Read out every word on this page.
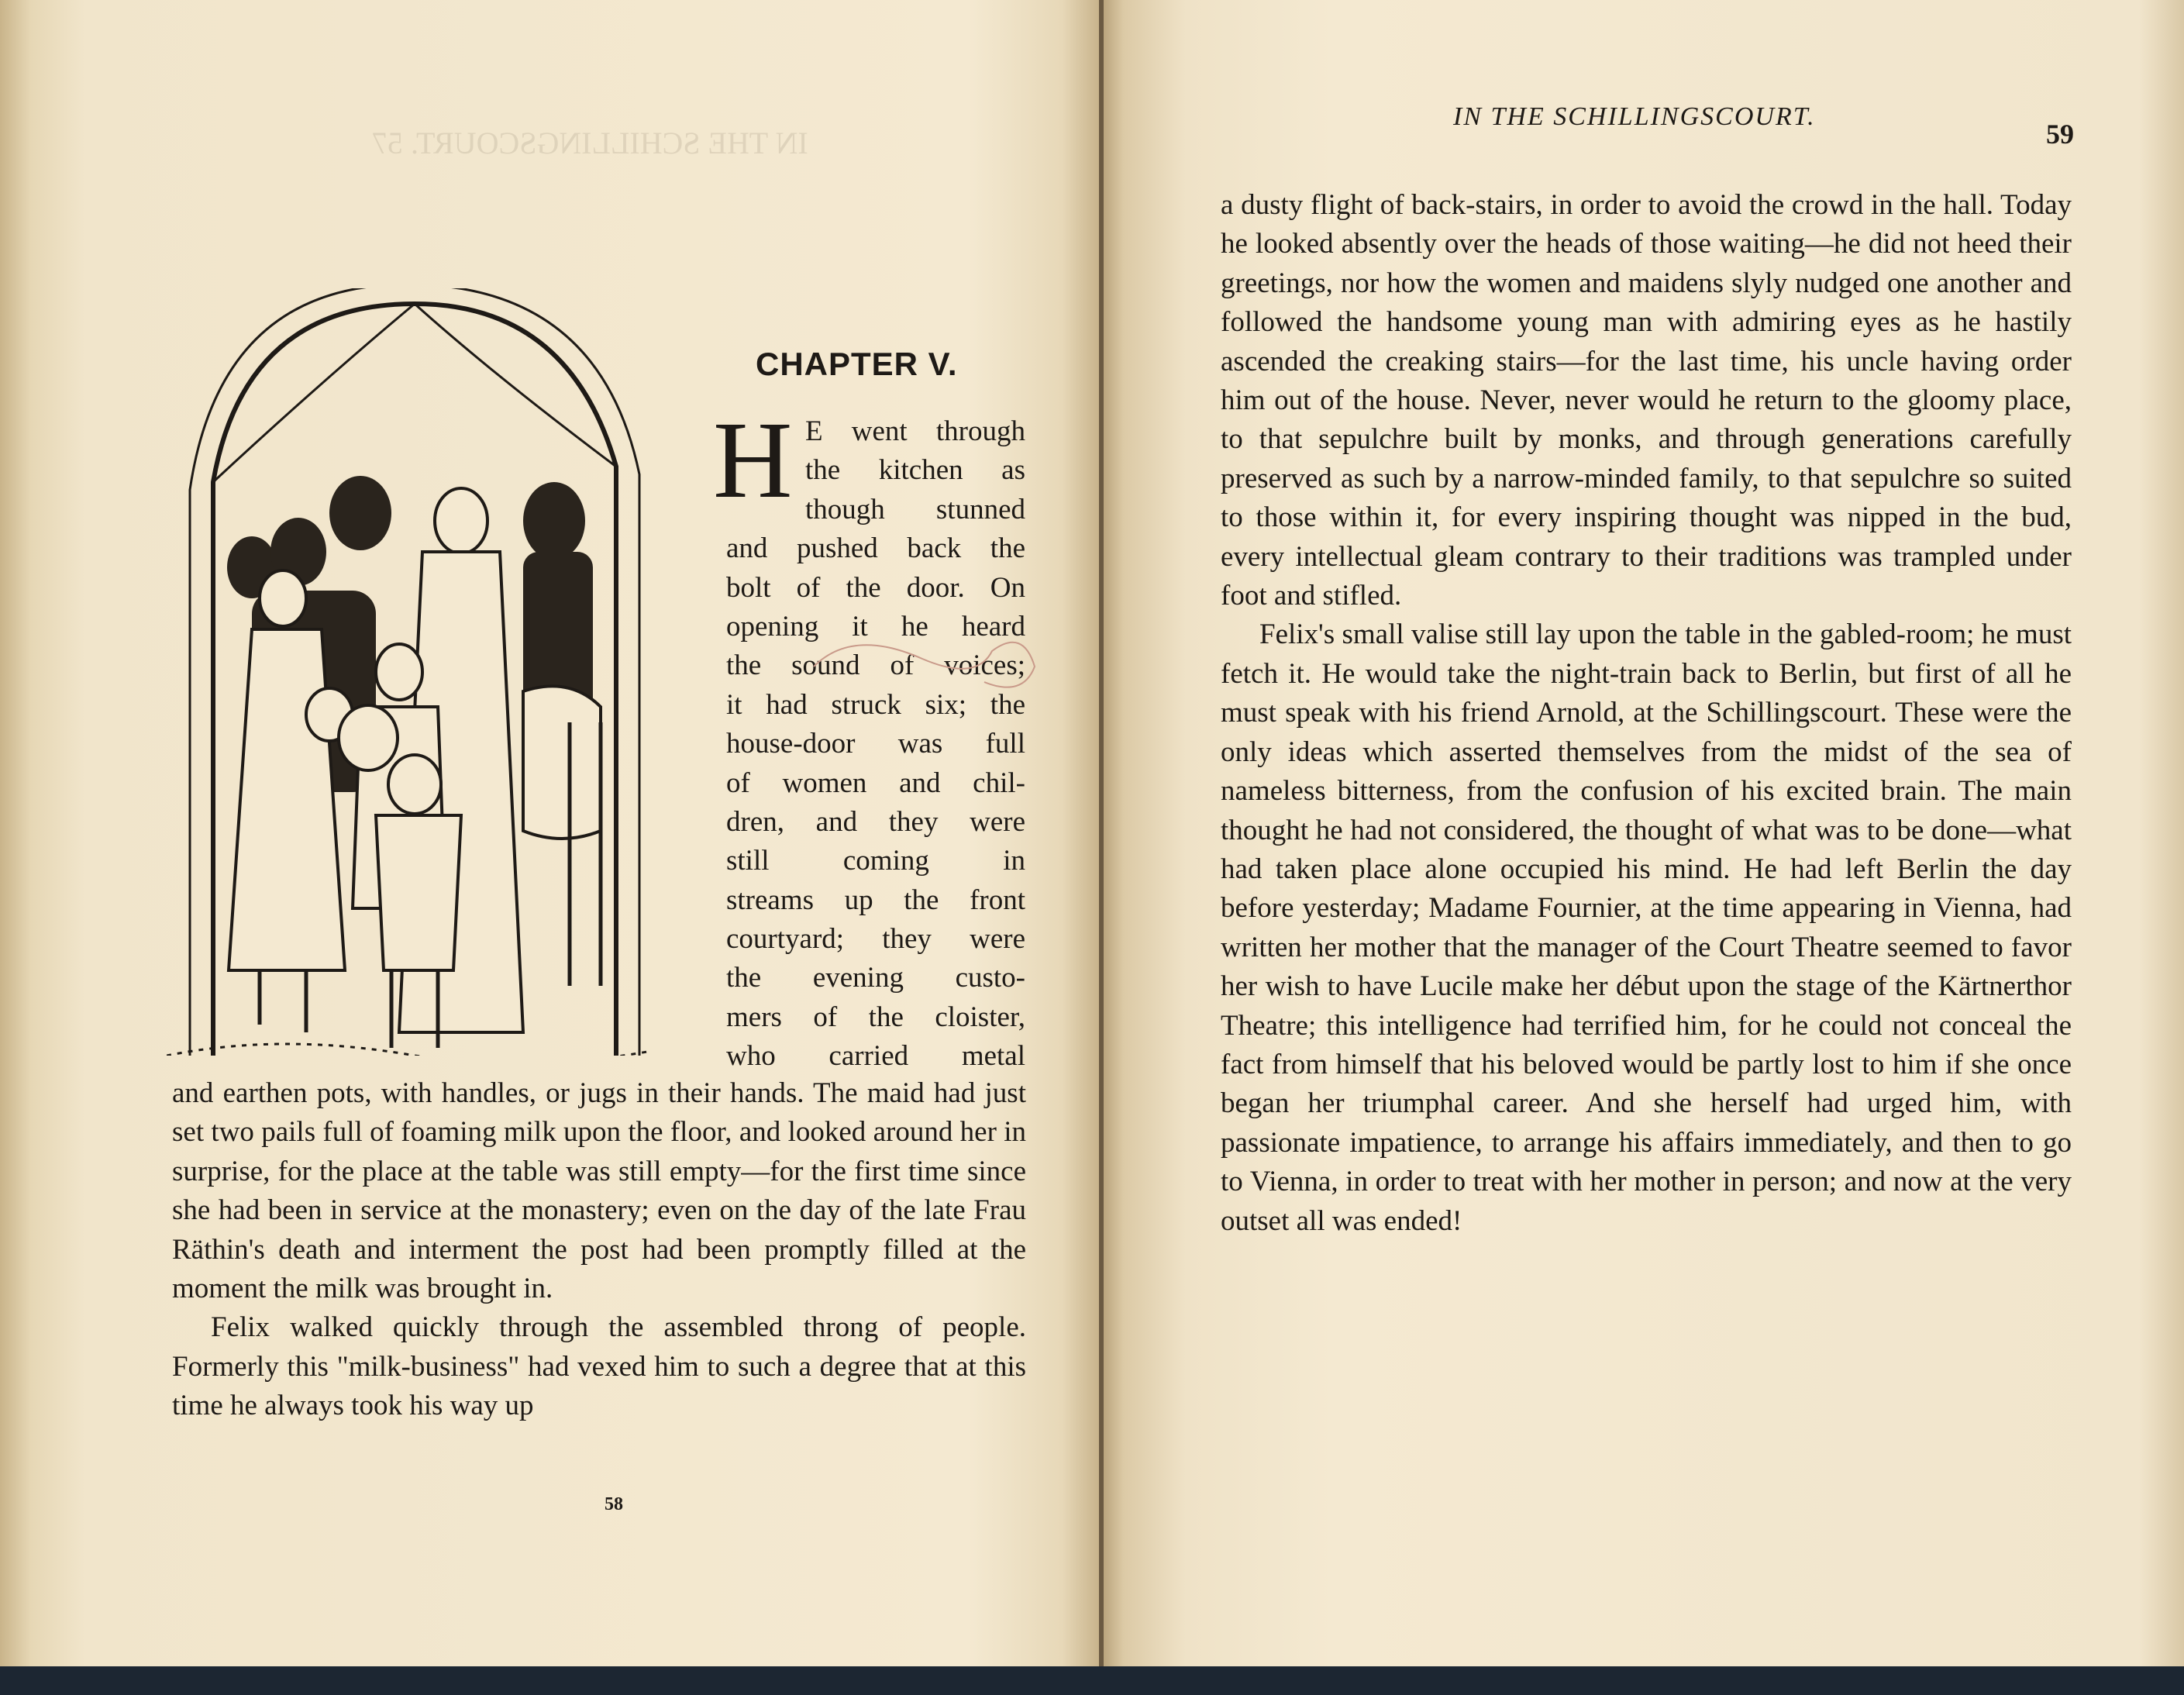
IN THE SCHILLINGSCOURT. 57
CHAPTER V.
H E went through
the kitchen as
though stunned
and pushed back the
bolt of the door. On
opening it he heard
the sound of voices;
it had struck six; the
house-door was full
of women and chil-
dren, and they were
still coming in
streams up the front
courtyard; they were
the evening custo-
mers of the cloister,
who carried metal

and earthen pots, with handles, or jugs in their hands. The maid had just set two pails full of foaming milk upon the floor, and looked around her in surprise, for the place at the table was still empty—for the first time since she had been in service at the monastery; even on the day of the late Frau Räthin's death and interment the post had been promptly filled at the moment the milk was brought in.

Felix walked quickly through the assembled throng of people. Formerly this "milk-business" had vexed him to such a degree that at this time he always took his way up

58
IN THE SCHILLINGSCOURT.
59

a dusty flight of back-stairs, in order to avoid the crowd in the hall. Today he looked absently over the heads of those waiting—he did not heed their greetings, nor how the women and maidens slyly nudged one another and followed the handsome young man with admiring eyes as he hastily ascended the creaking stairs—for the last time, his uncle having order him out of the house. Never, never would he return to the gloomy place, to that sepulchre built by monks, and through generations carefully preserved as such by a narrow-minded family, to that sepulchre so suited to those within it, for every inspiring thought was nipped in the bud, every intellectual gleam contrary to their traditions was trampled under foot and stifled.

Felix's small valise still lay upon the table in the gabled-room; he must fetch it. He would take the night-train back to Berlin, but first of all he must speak with his friend Arnold, at the Schillingscourt. These were the only ideas which asserted themselves from the midst of the sea of nameless bitterness, from the confusion of his excited brain. The main thought he had not considered, the thought of what was to be done—what had taken place alone occupied his mind. He had left Berlin the day before yesterday; Madame Fournier, at the time appearing in Vienna, had written her mother that the manager of the Court Theatre seemed to favor her wish to have Lucile make her début upon the stage of the Kärtnerthor Theatre; this intelligence had terrified him, for he could not conceal the fact from himself that his beloved would be partly lost to him if she once began her triumphal career. And she herself had urged him, with passionate impatience, to arrange his affairs immediately, and then to go to Vienna, in order to treat with her mother in person; and now at the very outset all was ended!
